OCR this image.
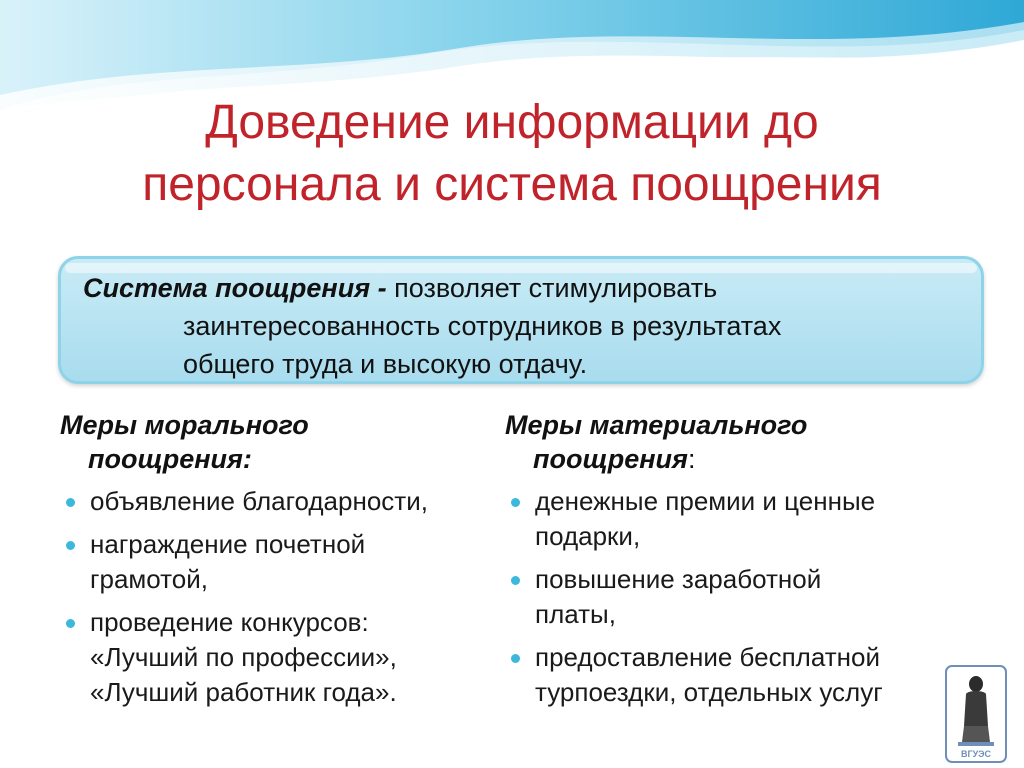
Доведение информации до
персонала и система поощрения
Система поощрения - позволяет стимулировать
заинтересованность сотрудников в результатах
общего труда и высокую отдачу.
Меры морального
поощрения:
объявление благодарности,
награждение почетной
грамотой,
проведение конкурсов:
«Лучший по профессии»,
«Лучший работник года».
Меры материального
поощрения:
денежные премии и ценные
подарки,
повышение заработной
платы,
предоставление бесплатной
турпоездки, отдельных услуг
ВГУЭС
